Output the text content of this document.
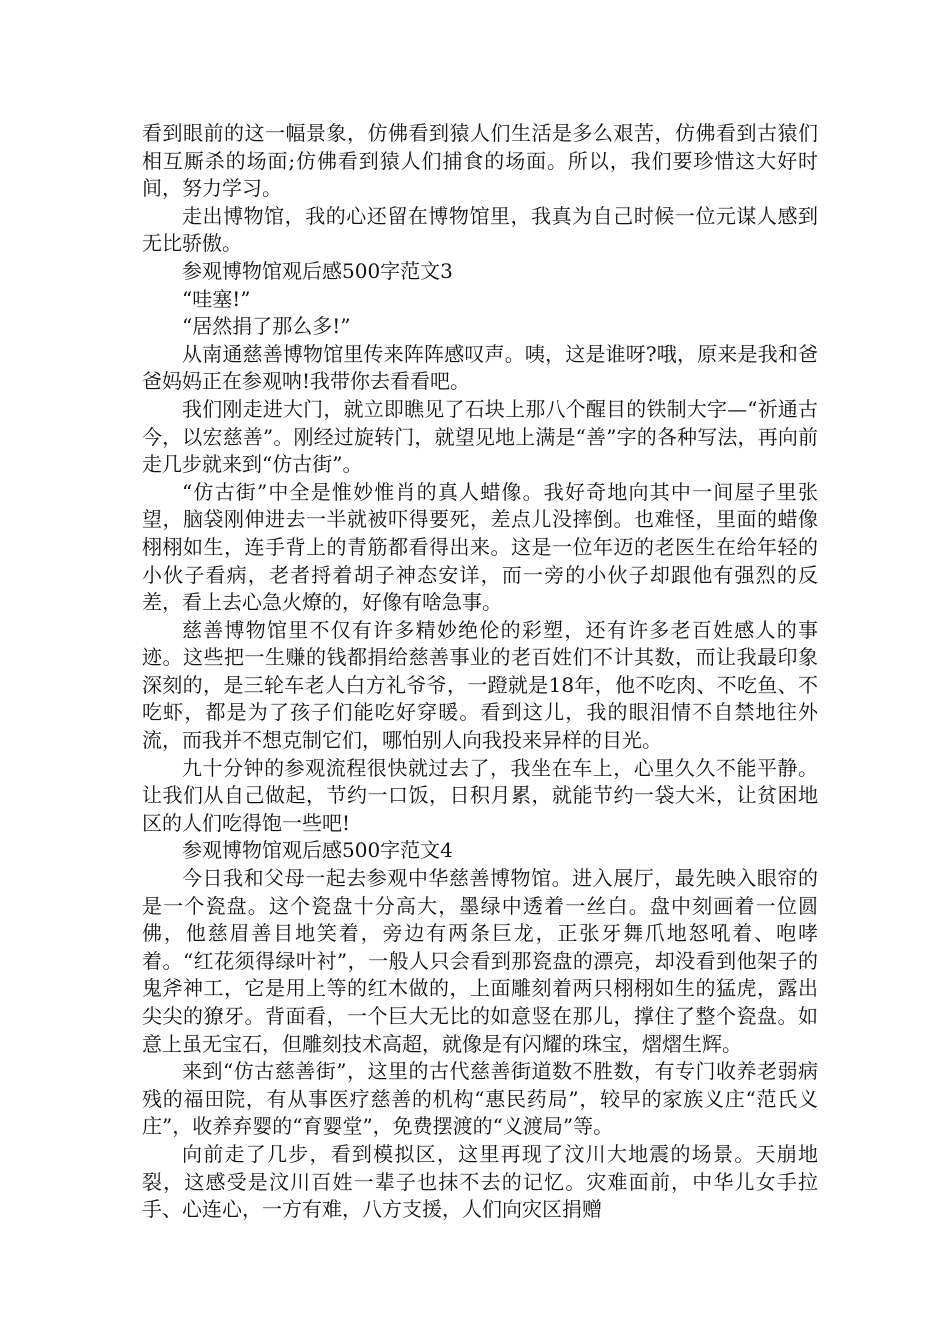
看到眼前的这一幅景象，仿佛看到猿人们生活是多么艰苦，仿佛看到古猿们相互厮杀的场面;仿佛看到猿人们捕食的场面。所以，我们要珍惜这大好时间，努力学习。

走出博物馆，我的心还留在博物馆里，我真为自己时候一位元谋人感到无比骄傲。

参观博物馆观后感500字范文3

“哇塞!”

“居然捐了那么多!”

从南通慈善博物馆里传来阵阵感叹声。咦，这是谁呀?哦，原来是我和爸爸妈妈正在参观呐!我带你去看看吧。

我们刚走进大门，就立即瞧见了石块上那八个醒目的铁制大字—“祈通古今，以宏慈善”。刚经过旋转门，就望见地上满是“善”字的各种写法，再向前走几步就来到“仿古街”。

“仿古街”中全是惟妙惟肖的真人蜡像。我好奇地向其中一间屋子里张望，脑袋刚伸进去一半就被吓得要死，差点儿没摔倒。也难怪，里面的蜡像栩栩如生，连手背上的青筋都看得出来。这是一位年迈的老医生在给年轻的小伙子看病，老者捋着胡子神态安详，而一旁的小伙子却跟他有强烈的反差，看上去心急火燎的，好像有啥急事。

慈善博物馆里不仅有许多精妙绝伦的彩塑，还有许多老百姓感人的事迹。这些把一生赚的钱都捐给慈善事业的老百姓们不计其数，而让我最印象深刻的，是三轮车老人白方礼爷爷，一蹬就是18年，他不吃肉、不吃鱼、不吃虾，都是为了孩子们能吃好穿暖。看到这儿，我的眼泪情不自禁地往外流，而我并不想克制它们，哪怕别人向我投来异样的目光。

九十分钟的参观流程很快就过去了，我坐在车上，心里久久不能平静。让我们从自己做起，节约一口饭，日积月累，就能节约一袋大米，让贫困地区的人们吃得饱一些吧!

参观博物馆观后感500字范文4

今日我和父母一起去参观中华慈善博物馆。进入展厅，最先映入眼帘的是一个瓷盘。这个瓷盘十分高大，墨绿中透着一丝白。盘中刻画着一位圆佛，他慈眉善目地笑着，旁边有两条巨龙，正张牙舞爪地怒吼着、咆哮着。“红花须得绿叶衬”，一般人只会看到那瓷盘的漂亮，却没看到他架子的鬼斧神工，它是用上等的红木做的，上面雕刻着两只栩栩如生的猛虎，露出尖尖的獠牙。背面看，一个巨大无比的如意竖在那儿，撑住了整个瓷盘。如意上虽无宝石，但雕刻技术高超，就像是有闪耀的珠宝，熠熠生辉。

来到“仿古慈善街”，这里的古代慈善街道数不胜数，有专门收养老弱病残的福田院，有从事医疗慈善的机构“惠民药局”，较早的家族义庄“范氏义庄”，收养弃婴的“育婴堂”，免费摆渡的“义渡局”等。

向前走了几步，看到模拟区，这里再现了汶川大地震的场景。天崩地裂，这感受是汶川百姓一辈子也抹不去的记忆。灾难面前，中华儿女手拉手、心连心，一方有难，八方支援，人们向灾区捐赠
